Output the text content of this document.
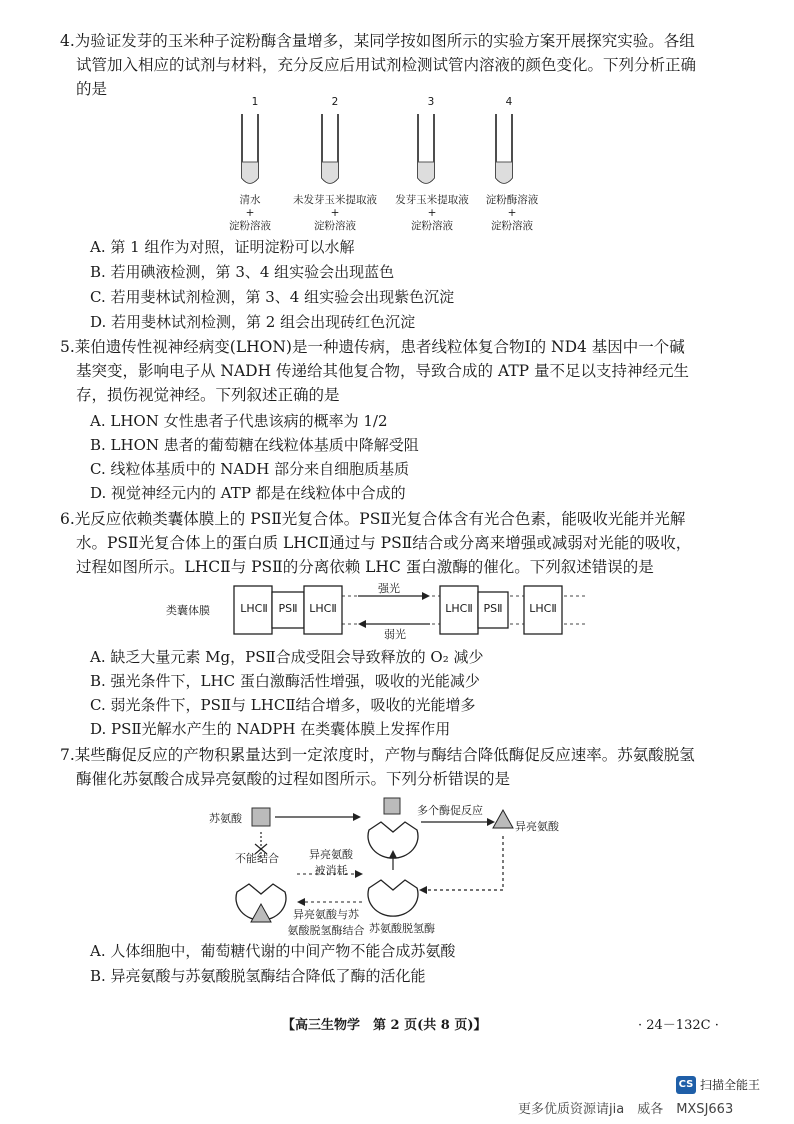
4.为验证发芽的玉米种子淀粉酶含量增多，某同学按如图所示的实验方案开展探究实验。各组
试管加入相应的试剂与材料，充分反应后用试剂检测试管内溶液的颜色变化。下列分析正确
的是
1	2	3	4
清水
+
淀粉溶液
未发芽玉米提取液
+
淀粉溶液
发芽玉米提取液
+
淀粉溶液
淀粉酶溶液
+
淀粉溶液
A. 第 1 组作为对照，证明淀粉可以水解
B. 若用碘液检测，第 3、4 组实验会出现蓝色
C. 若用斐林试剂检测，第 3、4 组实验会出现紫色沉淀
D. 若用斐林试剂检测，第 2 组会出现砖红色沉淀
5.莱伯遗传性视神经病变(LHON)是一种遗传病，患者线粒体复合物Ⅰ的 ND4 基因中一个碱
基突变，影响电子从 NADH 传递给其他复合物，导致合成的 ATP 量不足以支持神经元生
存，损伤视觉神经。下列叙述正确的是
A. LHON 女性患者子代患该病的概率为 1/2
B. LHON 患者的葡萄糖在线粒体基质中降解受阻
C. 线粒体基质中的 NADH 部分来自细胞质基质
D. 视觉神经元内的 ATP 都是在线粒体中合成的
6.光反应依赖类囊体膜上的 PSⅡ光复合体。PSⅡ光复合体含有光合色素，能吸收光能并光解
水。PSⅡ光复合体上的蛋白质 LHCⅡ通过与 PSⅡ结合或分离来增强或减弱对光能的吸收，
过程如图所示。LHCⅡ与 PSⅡ的分离依赖 LHC 蛋白激酶的催化。下列叙述错误的是
类囊体膜	LHCⅡ PSⅡ	LHCⅡ
强光
弱光
LHCⅡ PSⅡ	LHCⅡ
A. 缺乏大量元素 Mg，PSⅡ合成受阻会导致释放的 O₂ 减少
B. 强光条件下，LHC 蛋白激酶活性增强，吸收的光能减少
C. 弱光条件下，PSⅡ与 LHCⅡ结合增多，吸收的光能增多
D. PSⅡ光解水产生的 NADPH 在类囊体膜上发挥作用
7.某些酶促反应的产物积累量达到一定浓度时，产物与酶结合降低酶促反应速率。苏氨酸脱氢
酶催化苏氨酸合成异亮氨酸的过程如图所示。下列分析错误的是
苏氨酸
多个酶促反应
异亮氨酸
不能结合	异亮氨酸
被消耗
异亮氨酸与苏
氨酸脱氢酶结合 苏氨酸脱氢酶
A. 人体细胞中，葡萄糖代谢的中间产物不能合成苏氨酸
B. 异亮氨酸与苏氨酸脱氢酶结合降低了酶的活化能
【高三生物学　第 2 页(共 8 页)】	· 24－132C ·
CS 扫描全能王
更多优质资源请jia　威各　MXSJ663
